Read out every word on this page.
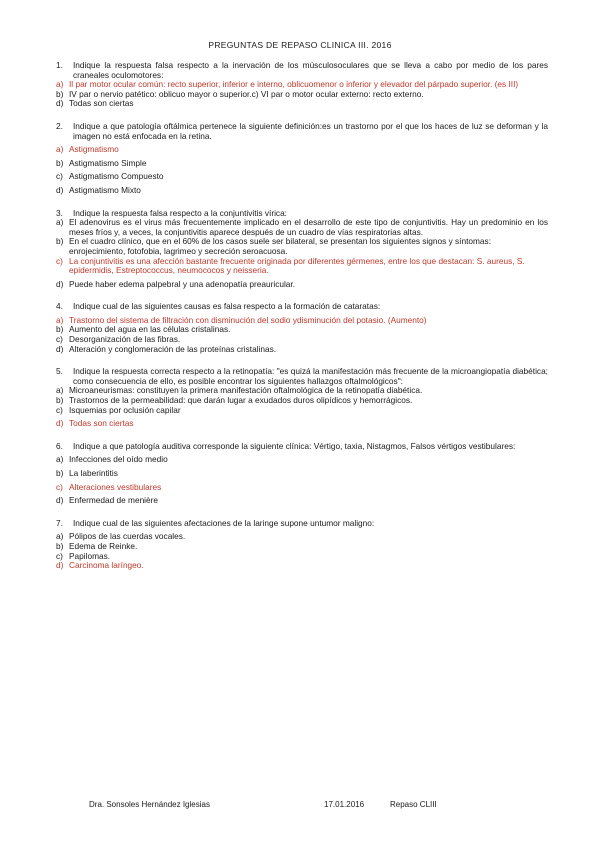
PREGUNTAS DE REPASO CLINICA III. 2016
1.	Indique la respuesta falsa respecto a la inervación de los músculosoculares que se lleva a cabo por medio de los pares craneales oculomotores:
a) Il par motor ocular común: recto superior, inferior e interno, oblicuomenor o inferior y elevador del párpado superior. (es III)
b) IV par o nervio patético: oblicuo mayor o superior.c) VI par o motor ocular externo: recto externo.
d) Todas son ciertas
2.	Indique a que patología oftálmica pertenece la siguiente definición:es un trastorno por el que los haces de luz se deforman y la imagen no está enfocada en la retina.
a) Astigmatismo
b) Astigmatismo Simple
c) Astigmatismo Compuesto
d) Astigmatismo Mixto
3.	Indique la respuesta falsa respecto a la conjuntivitis vírica:
a) El adenovirus es el virus más frecuentemente implicado en el desarrollo de este tipo de conjuntivitis. Hay un predominio en los meses fríos y, a veces, la conjuntivitis aparece después de un cuadro de vías respiratorias altas.
b) En el cuadro clínico, que en el 60% de los casos suele ser bilateral, se presentan los siguientes signos y síntomas: enrojecimiento, fotofobia, lagrimeo y secreción seroacuosa.
c) La conjuntivitis es una afección bastante frecuente originada por diferentes gérmenes, entre los que destacan: S. aureus, S. epidermidis, Estreptococcus, neumococos y neisseria.
d) Puede haber edema palpebral y una adenopatía preauricular.
4.	Indique cual de las siguientes causas es falsa respecto a la formación de cataratas:
a) Trastorno del sistema de filtración con disminución del sodio ydisminución del potasio. (Aumento)
b) Aumento del agua en las células cristalinas.
c) Desorganización de las fibras.
d) Alteración y conglomeración de las proteínas cristalinas.
5.	Indique la respuesta correcta respecto a la retinopatía: "es quizá la manifestación más frecuente de la microangiopatía diabética; como consecuencia de ello, es posible encontrar los siguientes hallazgos oftalmológicos":
a) Microaneurismas: constituyen la primera manifestación oftalmológica de la retinopatía diabética.
b) Trastornos de la permeabilidad: que darán lugar a exudados duros olipídicos y hemorrágicos.
c) Isquemias por oclusión capilar
d) Todas son ciertas
6.	Indique a que patología auditiva corresponde la siguiente clínica: Vértigo, taxia, Nistagmos, Falsos vértigos vestibulares:
a) Infecciones del oído medio
b) La laberintitis
c) Alteraciones vestibulares
d) Enfermedad de menière
7.	Indique cual de las siguientes afectaciones de la laringe supone untumor maligno:
a) Pólipos de las cuerdas vocales.
b) Edema de Reinke.
c) Papilomas.
d) Carcinoma laríngeo.
Dra. Sonsoles Hernández Iglesias	17.01.2016	Repaso CLIII
